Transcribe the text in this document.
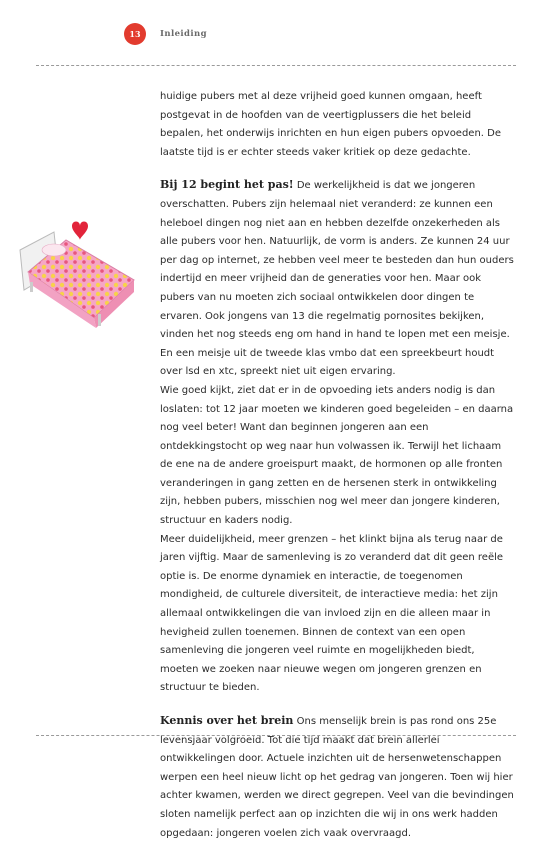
13	Inleiding

huidige pubers met al deze vrijheid goed kunnen omgaan, heeft postgevat in de hoofden van de veertigplussers die het beleid bepalen, het onderwijs inrichten en hun eigen pubers opvoeden. De laatste tijd is er echter steeds vaker kritiek op deze gedachte.

Bij 12 begint het pas! De werkelijkheid is dat we jongeren overschatten. Pubers zijn helemaal niet veranderd: ze kunnen een heleboel dingen nog niet aan en hebben dezelfde onzekerheden als alle pubers voor hen. Natuurlijk, de vorm is anders. Ze kunnen 24 uur per dag op internet, ze hebben veel meer te besteden dan hun ouders indertijd en meer vrijheid dan de generaties voor hen. Maar ook pubers van nu moeten zich sociaal ontwikkelen door dingen te ervaren. Ook jongens van 13 die regelmatig pornosites bekijken, vinden het nog steeds eng om hand in hand te lopen met een meisje. En een meisje uit de tweede klas vmbo dat een spreekbeurt houdt over lsd en xtc, spreekt niet uit eigen ervaring.

Wie goed kijkt, ziet dat er in de opvoeding iets anders nodig is dan loslaten: tot 12 jaar moeten we kinderen goed begeleiden – en daarna nog veel beter! Want dan beginnen jongeren aan een ontdekkingstocht op weg naar hun volwassen ik. Terwijl het lichaam de ene na de andere groeispurt maakt, de hormonen op alle fronten veranderingen in gang zetten en de hersenen sterk in ontwikkeling zijn, hebben pubers, misschien nog wel meer dan jongere kinderen, structuur en kaders nodig.

Meer duidelijkheid, meer grenzen – het klinkt bijna als terug naar de jaren vijftig. Maar de samenleving is zo veranderd dat dit geen reële optie is. De enorme dynamiek en interactie, de toegenomen mondigheid, de culturele diversiteit, de interactieve media: het zijn allemaal ontwikkelingen die van invloed zijn en die alleen maar in hevigheid zullen toenemen. Binnen de context van een open samenleving die jongeren veel ruimte en mogelijkheden biedt, moeten we zoeken naar nieuwe wegen om jongeren grenzen en structuur te bieden.

Kennis over het brein Ons menselijk brein is pas rond ons 25e levensjaar volgroeid. Tot die tijd maakt dat brein allerlei ontwikkelingen door. Actuele inzichten uit de hersenwetenschappen werpen een heel nieuw licht op het gedrag van jongeren. Toen wij hier achter kwamen, werden we direct gegrepen. Veel van die bevindingen sloten namelijk perfect aan op inzichten die wij in ons werk hadden opgedaan: jongeren voelen zich vaak overvraagd.
